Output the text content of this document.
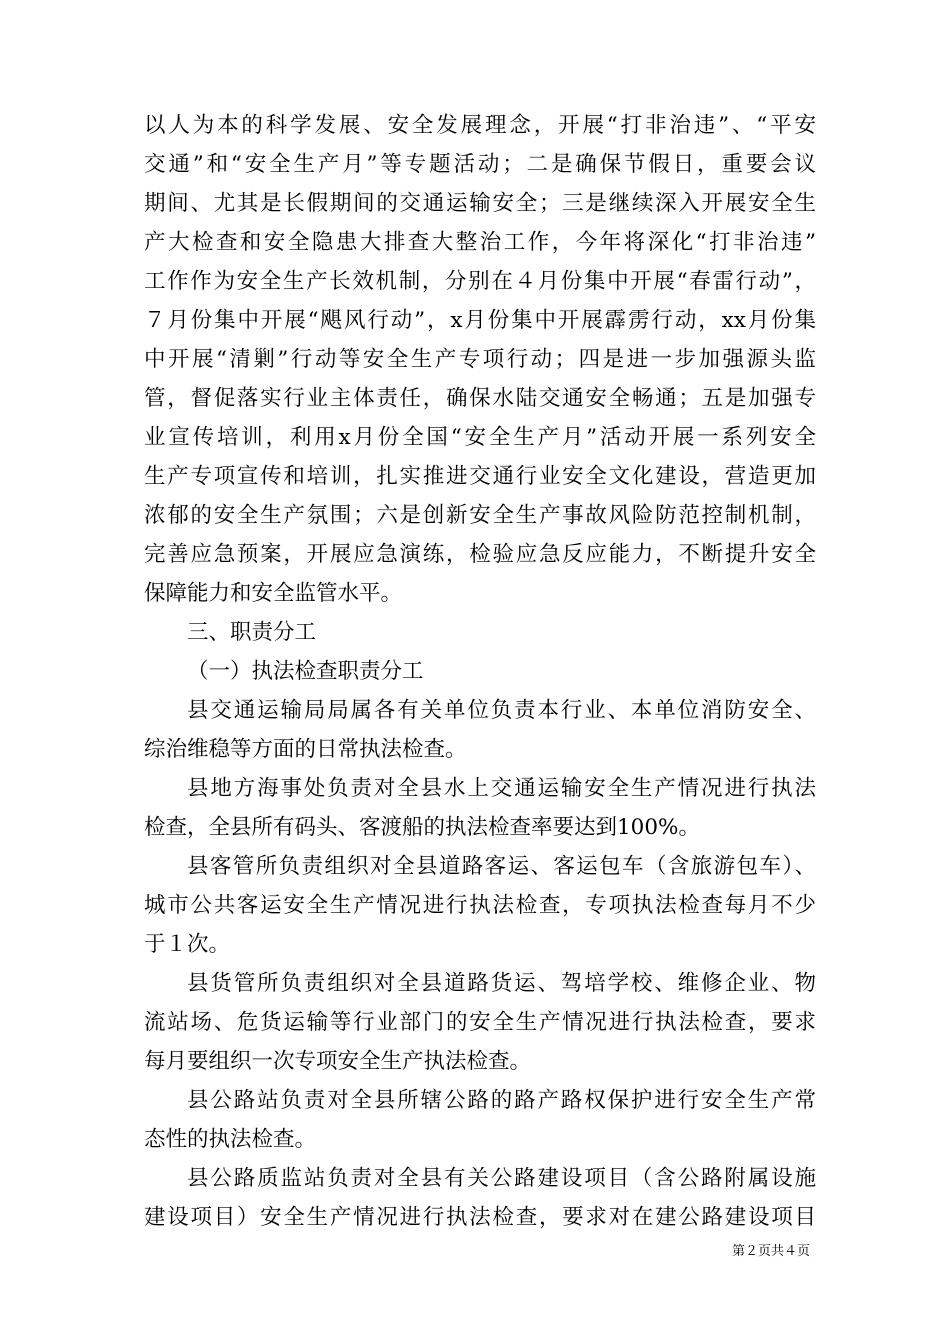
以人为本的科学发展、安全发展理念，开展“打非治违”、“平安
交通”和“安全生产月”等专题活动；二是确保节假日，重要会议
期间、尤其是长假期间的交通运输安全；三是继续深入开展安全生
产大检查和安全隐患大排查大整治工作，今年将深化“打非治违”
工作作为安全生产长效机制，分别在４月份集中开展“春雷行动”，
７月份集中开展“飓风行动”，x月份集中开展霹雳行动，xx月份集
中开展“清剿”行动等安全生产专项行动；四是进一步加强源头监
管，督促落实行业主体责任，确保水陆交通安全畅通；五是加强专
业宣传培训，利用x月份全国“安全生产月”活动开展一系列安全
生产专项宣传和培训，扎实推进交通行业安全文化建设，营造更加
浓郁的安全生产氛围；六是创新安全生产事故风险防范控制机制，
完善应急预案，开展应急演练，检验应急反应能力，不断提升安全
保障能力和安全监管水平。
三、职责分工
（一）执法检查职责分工
县交通运输局局属各有关单位负责本行业、本单位消防安全、
综治维稳等方面的日常执法检查。
县地方海事处负责对全县水上交通运输安全生产情况进行执法
检查，全县所有码头、客渡船的执法检查率要达到100%。
县客管所负责组织对全县道路客运、客运包车（含旅游包车）、
城市公共客运安全生产情况进行执法检查，专项执法检查每月不少
于１次。
县货管所负责组织对全县道路货运、驾培学校、维修企业、物
流站场、危货运输等行业部门的安全生产情况进行执法检查，要求
每月要组织一次专项安全生产执法检查。
县公路站负责对全县所辖公路的路产路权保护进行安全生产常
态性的执法检查。
县公路质监站负责对全县有关公路建设项目（含公路附属设施
建设项目）安全生产情况进行执法检查，要求对在建公路建设项目
第２页共４页
